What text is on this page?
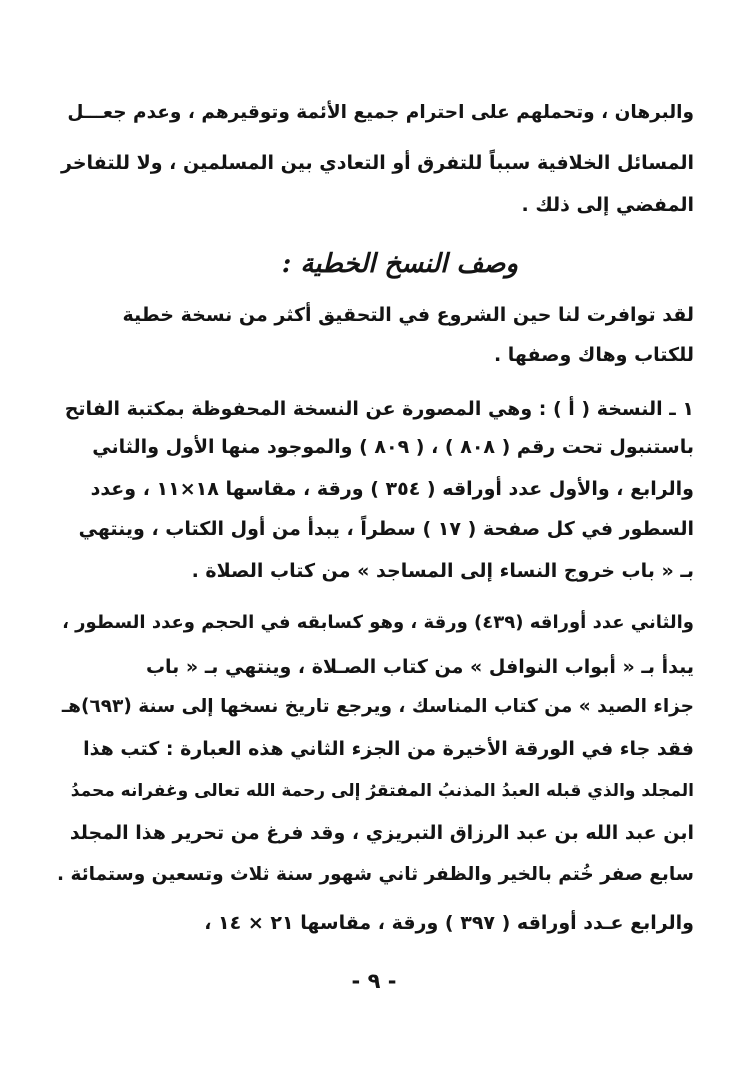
والبرهان ، وتحملهم على احترام جميع الأئمة وتوقيرهم ، وعدم جعـــل

المسائل الخلافية سبباً للتفرق أو التعادي بين المسلمين ، ولا للتفاخر

المفضي إلى ذلك .

وصف النسخ الخطية :

لقد توافرت لنا حين الشروع في التحقيق أكثر من نسخة خطية

للكتاب وهاك وصفها .

١ ـ النسخة ( أ ) : وهي المصورة عن النسخة المحفوظة بمكتبة الفاتح

باستنبول تحت رقم ( ٨٠٨ ) ، ( ٨٠٩ ) والموجود منها الأول والثاني

والرابع ، والأول عدد أوراقه ( ٣٥٤ ) ورقة ، مقاسها ١٨×١١ ، وعدد

السطور في كل صفحة ( ١٧ ) سطراً ، يبدأ من أول الكتاب ، وينتهي

بـ « باب خروج النساء إلى المساجد » من كتاب الصلاة .

والثاني عدد أوراقه (٤٣٩) ورقة ، وهو كسابقه في الحجم وعدد السطور ،

يبدأ بـ « أبواب النوافل » من كتاب الصـلاة ، وينتهي بـ « باب

جزاء الصيد » من كتاب المناسك ، ويرجع تاريخ نسخها إلى سنة (٦٩٣)هـ

فقد جاء في الورقة الأخيرة من الجزء الثاني هذه العبارة : كتب هذا

المجلد والذي قبله العبدُ المذنبُ المفتقرُ إلى رحمة الله تعالى وغفرانه محمدُ

ابن عبد الله بن عبد الرزاق التبريزي ، وقد فرغ من تحرير هذا المجلد

سابع صفر خُتم بالخير والظفر ثاني شهور سنة ثلاث وتسعين وستمائة .

والرابع عـدد أوراقه ( ٣٩٧ ) ورقة ، مقاسها ٢١ × ١٤ ،

- ٩ -
